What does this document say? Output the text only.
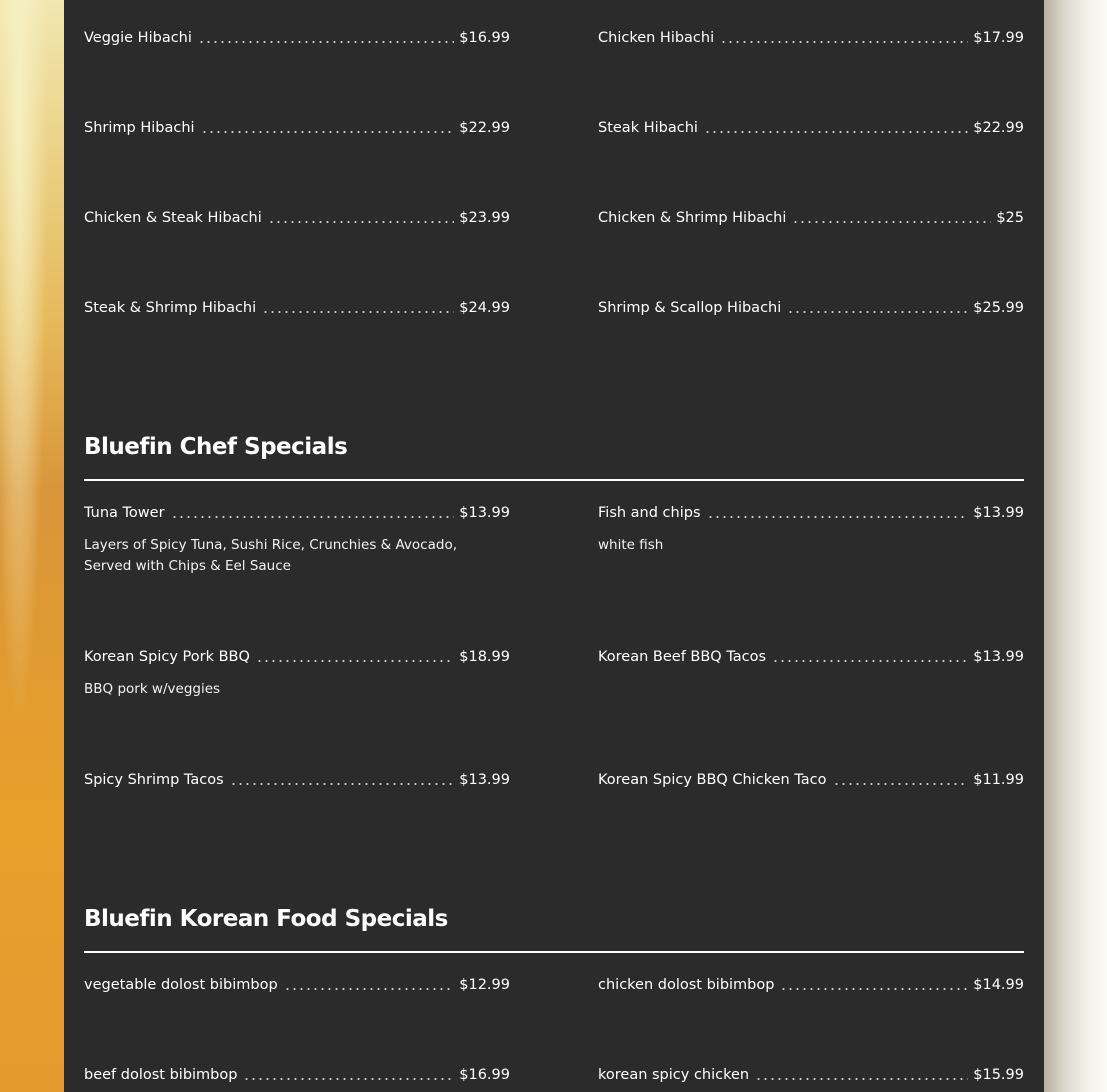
Veggie Hibachi	$16.99	Chicken Hibachi	$17.99
Shrimp Hibachi	$22.99	Steak Hibachi	$22.99
Chicken & Steak Hibachi	$23.99	Chicken & Shrimp Hibachi	$25
Steak & Shrimp Hibachi	$24.99	Shrimp & Scallop Hibachi	$25.99
Bluefin Chef Specials
Tuna Tower	$13.99
Layers of Spicy Tuna, Sushi Rice, Crunchies & Avocado, Served with Chips & Eel Sauce
Fish and chips	$13.99
white fish
Korean Spicy Pork BBQ	$18.99
BBQ pork w/veggies
Korean Beef BBQ Tacos	$13.99
Spicy Shrimp Tacos	$13.99	Korean Spicy BBQ Chicken Taco	$11.99
Bluefin Korean Food Specials
vegetable dolost bibimbop	$12.99	chicken dolost bibimbop	$14.99
beef dolost bibimbop	$16.99	korean spicy chicken	$15.99
